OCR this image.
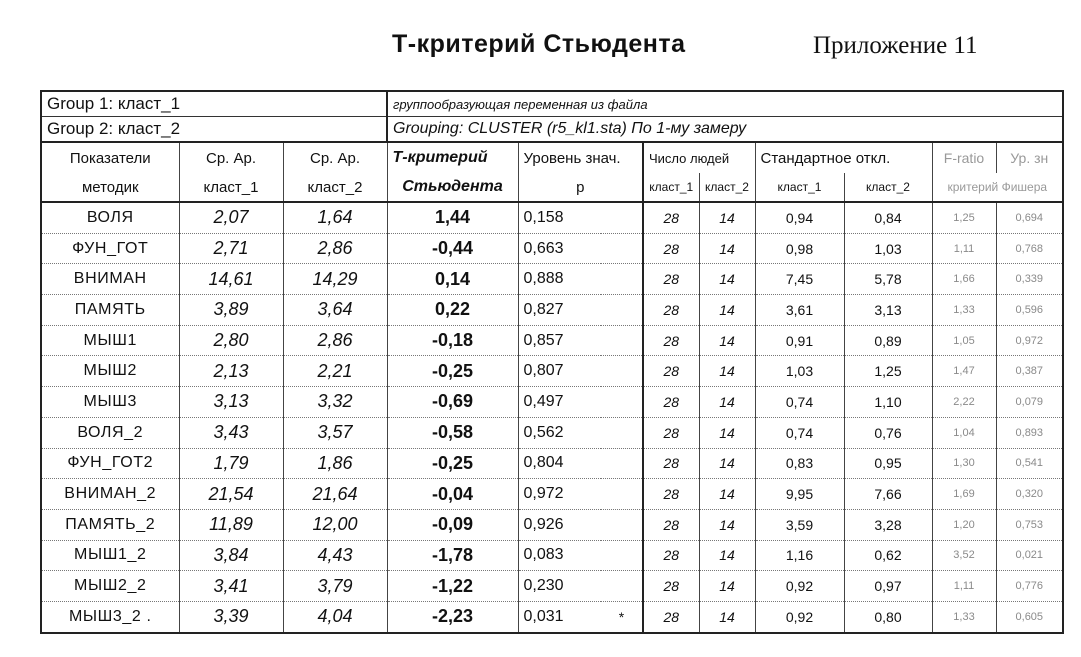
Т-критерий Стьюдента	Приложение 11
Group 1: класт_1			группообразующая переменная из файла								
Group 2: класт_2			Grouping: CLUSTER (r5_kl1.sta) По 1-му замеру								
Показатели	Ср. Ар.	Ср. Ар.	Т-критерий	Уровень знач.		Число людей		Стандартное откл.		F-ratio	Ур. зн
методик	класт_1	класт_2	Стьюдента	p		класт_1	класт_2	класт_1	класт_2	критерий Фишера	
ВОЛЯ	2,07	1,64	1,44	0,158		28	14	0,94	0,84	1,25	0,694
ФУН_ГОТ	2,71	2,86	-0,44	0,663		28	14	0,98	1,03	1,11	0,768
ВНИМАН	14,61	14,29	0,14	0,888		28	14	7,45	5,78	1,66	0,339
ПАМЯТЬ	3,89	3,64	0,22	0,827		28	14	3,61	3,13	1,33	0,596
МЫШ1	2,80	2,86	-0,18	0,857		28	14	0,91	0,89	1,05	0,972
МЫШ2	2,13	2,21	-0,25	0,807		28	14	1,03	1,25	1,47	0,387
МЫШ3	3,13	3,32	-0,69	0,497		28	14	0,74	1,10	2,22	0,079
ВОЛЯ_2	3,43	3,57	-0,58	0,562		28	14	0,74	0,76	1,04	0,893
ФУН_ГОТ2	1,79	1,86	-0,25	0,804		28	14	0,83	0,95	1,30	0,541
ВНИМАН_2	21,54	21,64	-0,04	0,972		28	14	9,95	7,66	1,69	0,320
ПАМЯТЬ_2	11,89	12,00	-0,09	0,926		28	14	3,59	3,28	1,20	0,753
МЫШ1_2	3,84	4,43	-1,78	0,083		28	14	1,16	0,62	3,52	0,021
МЫШ2_2	3,41	3,79	-1,22	0,230		28	14	0,92	0,97	1,11	0,776
МЫШ3_2 .	3,39	4,04	-2,23	0,031	*	28	14	0,92	0,80	1,33	0,605
